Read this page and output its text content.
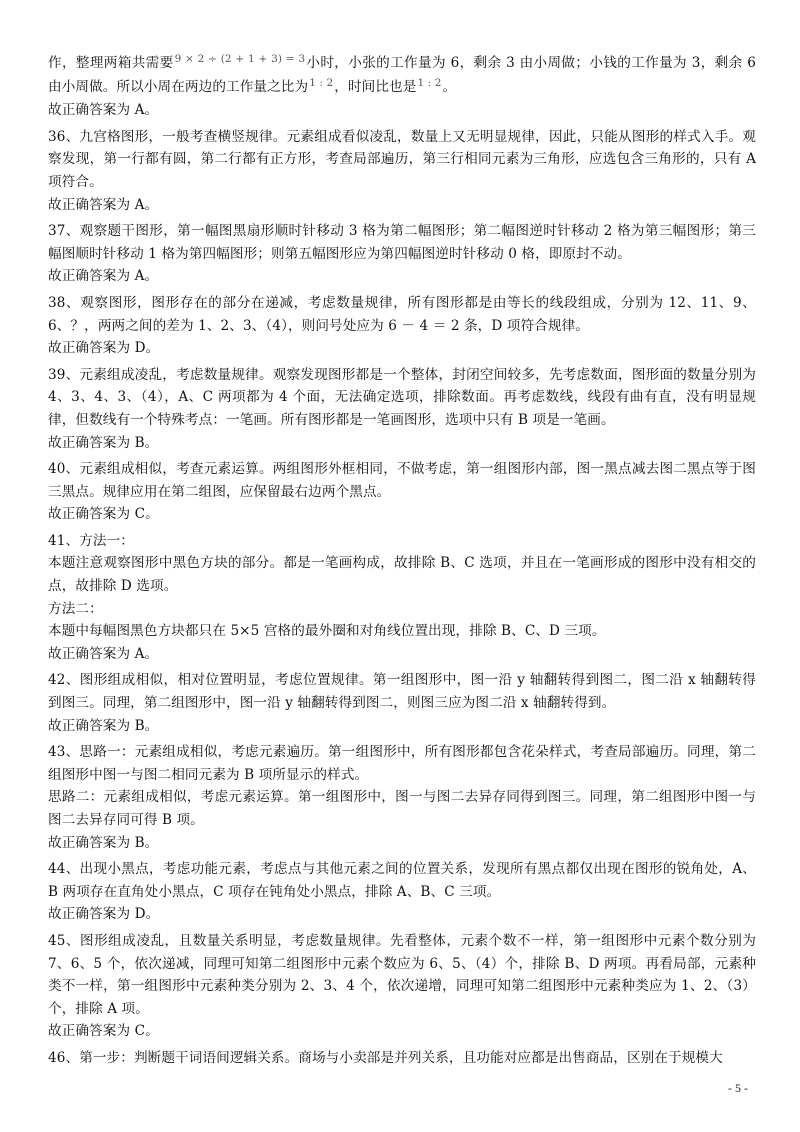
作，整理两箱共需要$^{9 \times 2 \div (2 + 1 + 3) = 3}$小时，小张的工作量为 6，剩余 3 由小周做；小钱的工作量为 3，剩余 6 由小周做。所以小周在两边的工作量之比为$^{1 : 2}$，时间比也是$^{1 : 2}$。

故正确答案为 A。

36、九宫格图形，一般考查横竖规律。元素组成看似凌乱，数量上又无明显规律，因此，只能从图形的样式入手。观察发现，第一行都有圆，第二行都有正方形，考查局部遍历，第三行相同元素为三角形，应选包含三角形的，只有 A 项符合。

故正确答案为 A。

37、观察题干图形，第一幅图黑扇形顺时针移动 3 格为第二幅图形；第二幅图逆时针移动 2 格为第三幅图形；第三幅图顺时针移动 1 格为第四幅图形；则第五幅图形应为第四幅图逆时针移动 0 格，即原封不动。

故正确答案为 A。

38、观察图形，图形存在的部分在递减，考虑数量规律，所有图形都是由等长的线段组成，分别为 12、11、9、6、？，两两之间的差为 1、2、3、（4），则问号处应为 6 － 4 ＝ 2 条，D 项符合规律。

故正确答案为 D。

39、元素组成凌乱，考虑数量规律。观察发现图形都是一个整体，封闭空间较多，先考虑数面，图形面的数量分别为 4、3、4、3、（4），A、C 两项都为 4 个面，无法确定选项，排除数面。再考虑数线，线段有曲有直，没有明显规律，但数线有一个特殊考点：一笔画。所有图形都是一笔画图形，选项中只有 B 项是一笔画。

故正确答案为 B。

40、元素组成相似，考查元素运算。两组图形外框相同，不做考虑，第一组图形内部，图一黑点减去图二黑点等于图三黑点。规律应用在第二组图，应保留最右边两个黑点。

故正确答案为 C。

41、方法一：

本题注意观察图形中黑色方块的部分。都是一笔画构成，故排除 B、C 选项，并且在一笔画形成的图形中没有相交的点，故排除 D 选项。

方法二：

本题中每幅图黑色方块都只在 5×5 宫格的最外圈和对角线位置出现，排除 B、C、D 三项。

故正确答案为 A。

42、图形组成相似，相对位置明显，考虑位置规律。第一组图形中，图一沿 y 轴翻转得到图二，图二沿 x 轴翻转得到图三。同理，第二组图形中，图一沿 y 轴翻转得到图二，则图三应为图二沿 x 轴翻转得到。

故正确答案为 B。

43、思路一：元素组成相似，考虑元素遍历。第一组图形中，所有图形都包含花朵样式，考查局部遍历。同理，第二组图形中图一与图二相同元素为 B 项所显示的样式。

思路二：元素组成相似，考虑元素运算。第一组图形中，图一与图二去异存同得到图三。同理，第二组图形中图一与图二去异存同可得 B 项。

故正确答案为 B。

44、出现小黑点，考虑功能元素，考虑点与其他元素之间的位置关系，发现所有黑点都仅出现在图形的锐角处，A、B 两项存在直角处小黑点，C 项存在钝角处小黑点，排除 A、B、C 三项。

故正确答案为 D。

45、图形组成凌乱，且数量关系明显，考虑数量规律。先看整体，元素个数不一样，第一组图形中元素个数分别为 7、6、5 个，依次递减，同理可知第二组图形中元素个数应为 6、5、（4）个，排除 B、D 两项。再看局部，元素种类不一样，第一组图形中元素种类分别为 2、3、4 个，依次递增，同理可知第二组图形中元素种类应为 1、2、（3）个，排除 A 项。

故正确答案为 C。

46、第一步：判断题干词语间逻辑关系。商场与小卖部是并列关系，且功能对应都是出售商品，区别在于规模大

- 5 -
